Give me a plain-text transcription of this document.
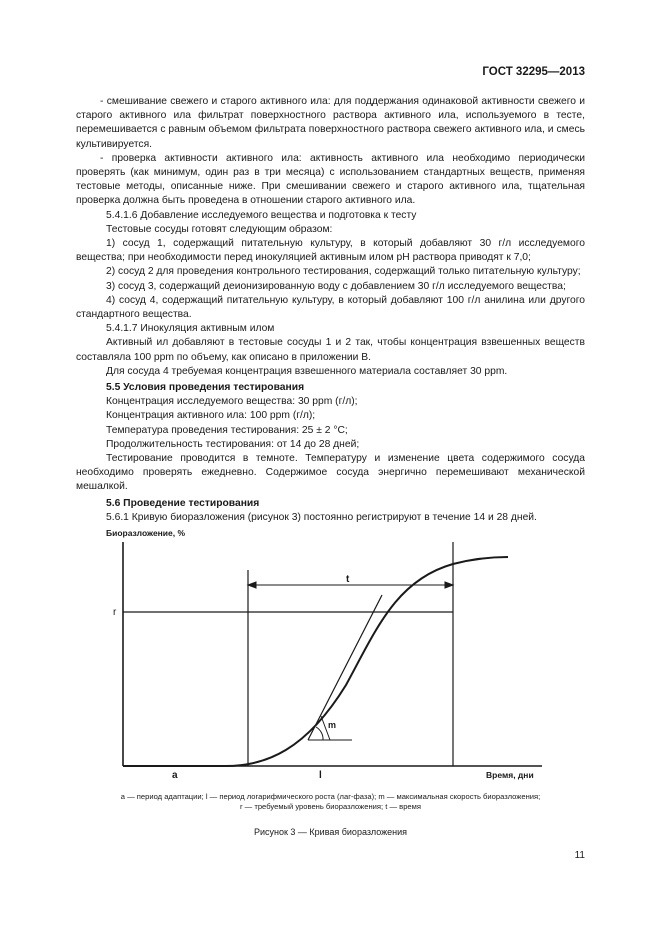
ГОСТ 32295—2013

- смешивание свежего и старого активного ила: для поддержания одинаковой активности свежего и старого активного ила фильтрат поверхностного раствора активного ила, используемого в тесте, перемешивается с равным объемом фильтрата поверхностного раствора свежего активного ила, и смесь культивируется.

- проверка активности активного ила: активность активного ила необходимо периодически проверять (как минимум, один раз в три месяца) с использованием стандартных веществ, применяя тестовые методы, описанные ниже. При смешивании свежего и старого активного ила, тщательная проверка должна быть проведена в отношении старого активного ила.

5.4.1.6 Добавление исследуемого вещества и подготовка к тесту

Тестовые сосуды готовят следующим образом:

1) сосуд 1, содержащий питательную культуру, в который добавляют 30 г/л исследуемого вещества; при необходимости перед инокуляцией активным илом pH раствора приводят к 7,0;

2) сосуд 2 для проведения контрольного тестирования, содержащий только питательную культуру;

3) сосуд 3, содержащий деионизированную воду с добавлением 30 г/л исследуемого вещества;

4) сосуд 4, содержащий питательную культуру, в который добавляют 100 г/л анилина или другого стандартного вещества.

5.4.1.7 Инокуляция активным илом

Активный ил добавляют в тестовые сосуды 1 и 2 так, чтобы концентрация взвешенных веществ составляла 100 ppm по объему, как описано в приложении В.

Для сосуда 4 требуемая концентрация взвешенного материала составляет 30 ppm.

5.5 Условия проведения тестирования

Концентрация исследуемого вещества: 30 ppm (г/л);

Концентрация активного ила: 100 ppm (г/л);

Температура проведения тестирования: 25 ± 2 °С;

Продолжительность тестирования: от 14 до 28 дней;

Тестирование проводится в темноте. Температуру и изменение цвета содержимого сосуда необходимо проверять ежедневно. Содержимое сосуда энергично перемешивают механической мешалкой.

5.6 Проведение тестирования

5.6.1 Кривую биоразложения (рисунок 3) постоянно регистрируют в течение 14 и 28 дней.

Биоразложение, %
Время, дни
r
t
m
a	l
a — период адаптации; l — период логарифмического роста (лаг-фаза); m — максимальная скорость биоразложения;
r — требуемый уровень биоразложения; t — время
Рисунок 3 — Кривая биоразложения
11
